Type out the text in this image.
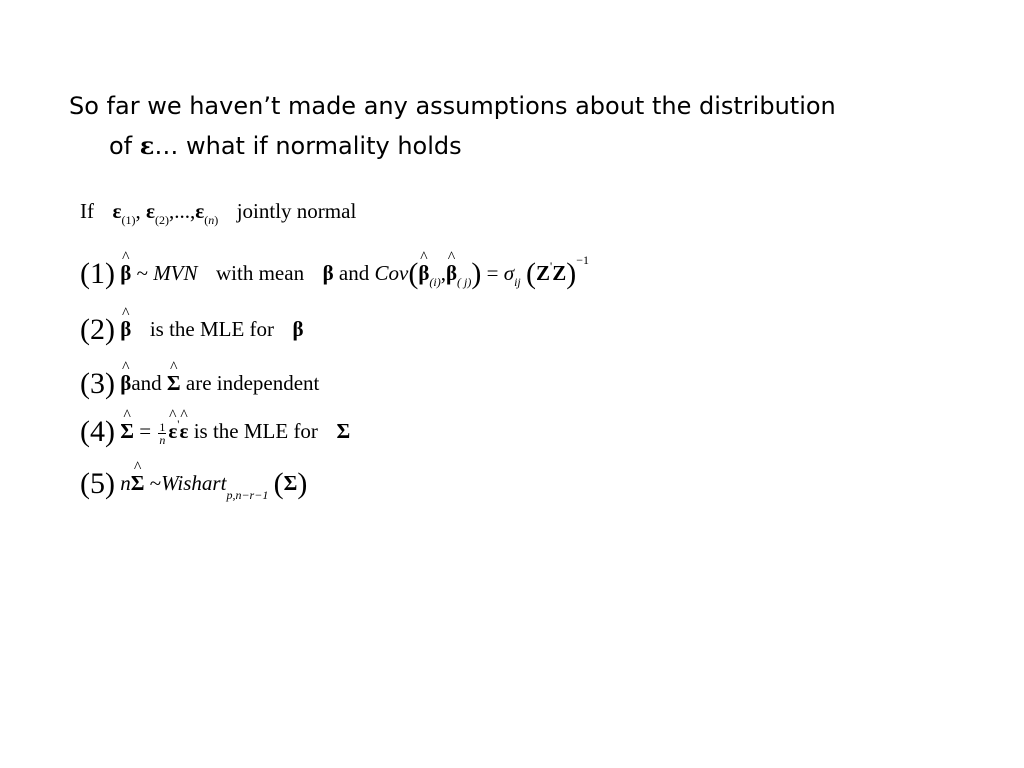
So far we haven’t made any assumptions about the distribution
of ε… what if normality holds
If $\varepsilon_{(1)}$, $\varepsilon_{(2)},...,\varepsilon_{(n)}$ jointly normal
(1) ^ β ~ MVN with mean β and Cov(^ $\beta_{(i)},\^{}$ $\beta_{( j)}) = \sigma_{ij}$ $(Z'Z)^{-1}$
(2) ^ β is the MLE for β
(3) ^ βand ^ Σ are independent
(4) ^ $\Sigma = \frac{1}{n}$ ^ ε'^ ε is the MLE for Σ
(5) n^ Σ ~Wishart$_{p,n-r-1}$ (Σ)
